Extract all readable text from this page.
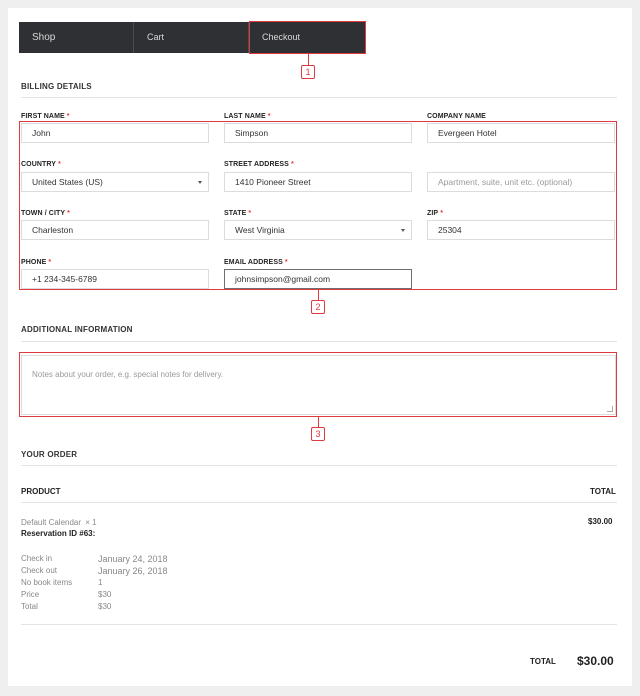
Shop	Cart	Checkout
1
BILLING DETAILS
FIRST NAME *
John
LAST NAME *
Simpson
COMPANY NAME
Evergeen Hotel
COUNTRY *
United States (US)
STREET ADDRESS *
1410 Pioneer Street	Apartment, suite, unit etc. (optional)
TOWN / CITY *
Charleston
STATE *
West Virginia
ZIP *
25304
PHONE *
+1 234-345-6789
EMAIL ADDRESS *
johnsimpson@gmail.com
2
ADDITIONAL INFORMATION
Notes about your order, e.g. special notes for delivery.
3
YOUR ORDER
PRODUCT	TOTAL
Default Calendar × 1
Reservation ID #63:
$30.00
Check in	January 24, 2018
Check out	January 26, 2018
No book items	1
Price	$30
Total	$30
TOTAL $30.00
